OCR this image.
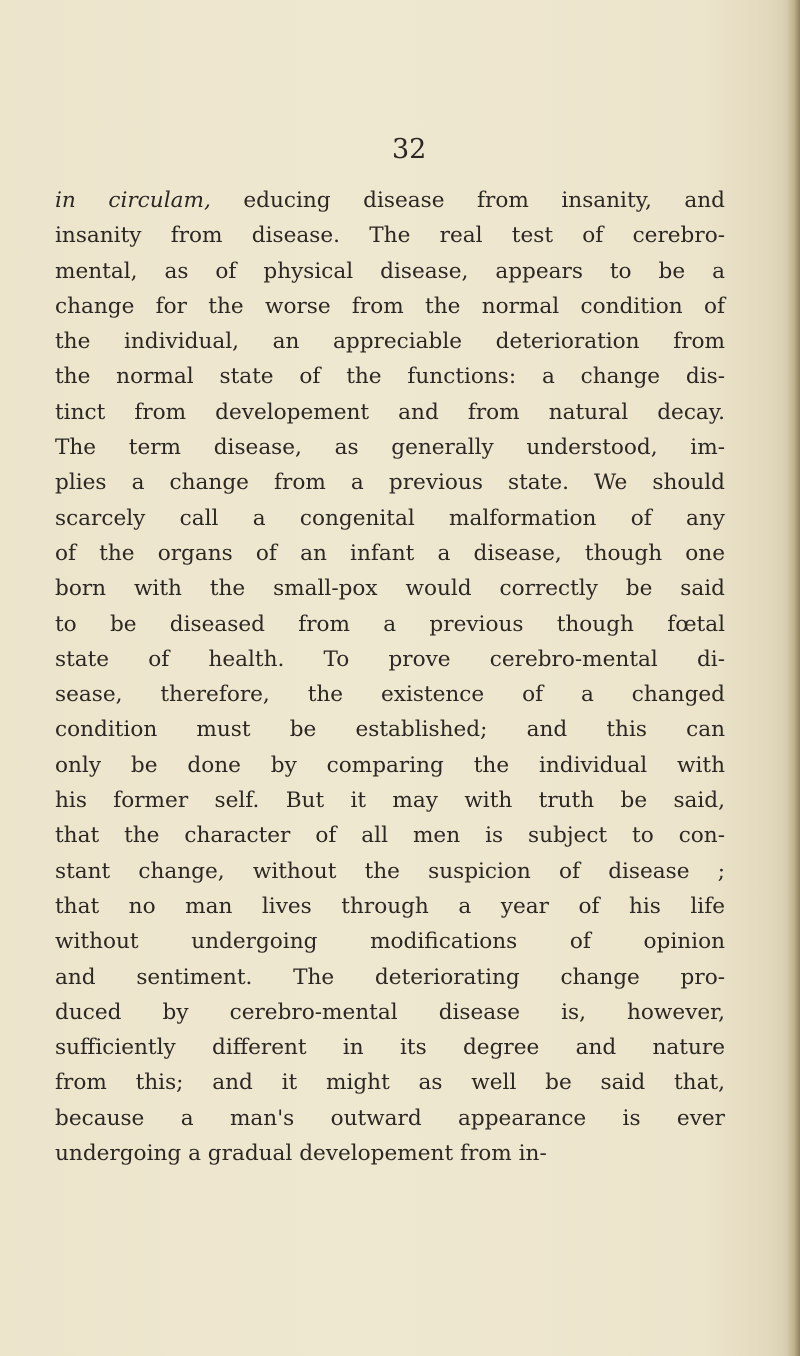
32

in circulam, educing disease from insanity, and
insanity from disease. The real test of cerebro-
mental, as of physical disease, appears to be a
change for the worse from the normal condition of
the individual, an appreciable deterioration from
the normal state of the functions: a change dis-
tinct from developement and from natural decay.
The term disease, as generally understood, im-
plies a change from a previous state. We should
scarcely call a congenital malformation of any
of the organs of an infant a disease, though one
born with the small-pox would correctly be said
to be diseased from a previous though fœtal
state of health. To prove cerebro-mental di-
sease, therefore, the existence of a changed
condition must be established; and this can
only be done by comparing the individual with
his former self. But it may with truth be said,
that the character of all men is subject to con-
stant change, without the suspicion of disease ;
that no man lives through a year of his life
without undergoing modifications of opinion
and sentiment. The deteriorating change pro-
duced by cerebro-mental disease is, however,
sufficiently different in its degree and nature
from this; and it might as well be said that,
because a man's outward appearance is ever
undergoing a gradual developement from in-
